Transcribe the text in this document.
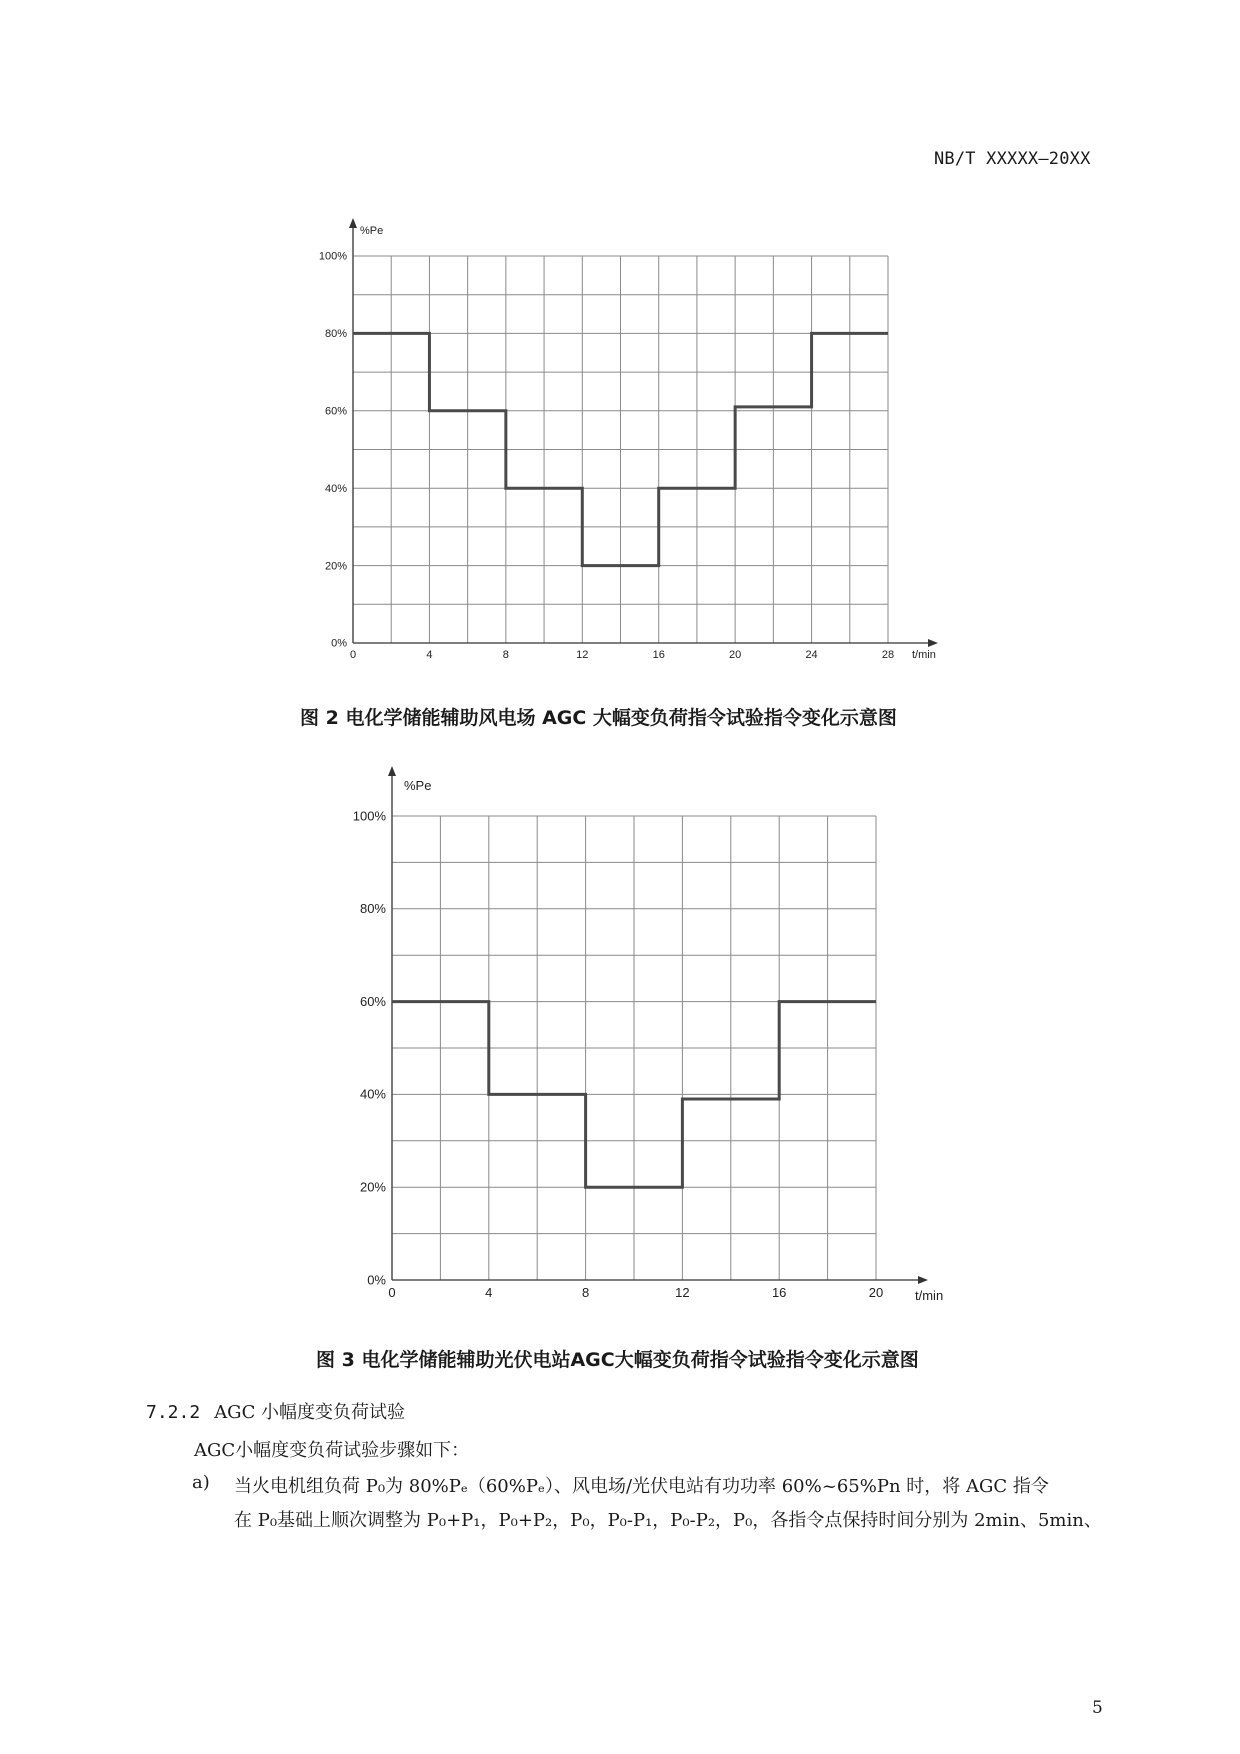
NB/T XXXXX—20XX
%Pe
t/min
100%
80%
60%
40%
20%
0%
0	4	8	12	16	20	24	28
图 2 电化学储能辅助风电场 AGC 大幅变负荷指令试验指令变化示意图
%Pe
t/min
100%
80%
60%
40%
20%
0%
0	4	8	12	16	20
图 3 电化学储能辅助光伏电站AGC大幅变负荷指令试验指令变化示意图
7.2.2 AGC 小幅度变负荷试验
AGC小幅度变负荷试验步骤如下：
a) 当火电机组负荷 P₀为 80%Pₑ（60%Pₑ）、风电场/光伏电站有功功率 60%~65%Pn 时，将 AGC 指令
在 P₀基础上顺次调整为 P₀+P₁，P₀+P₂，P₀，P₀-P₁，P₀-P₂，P₀，各指令点保持时间分别为 2min、5min、
5
